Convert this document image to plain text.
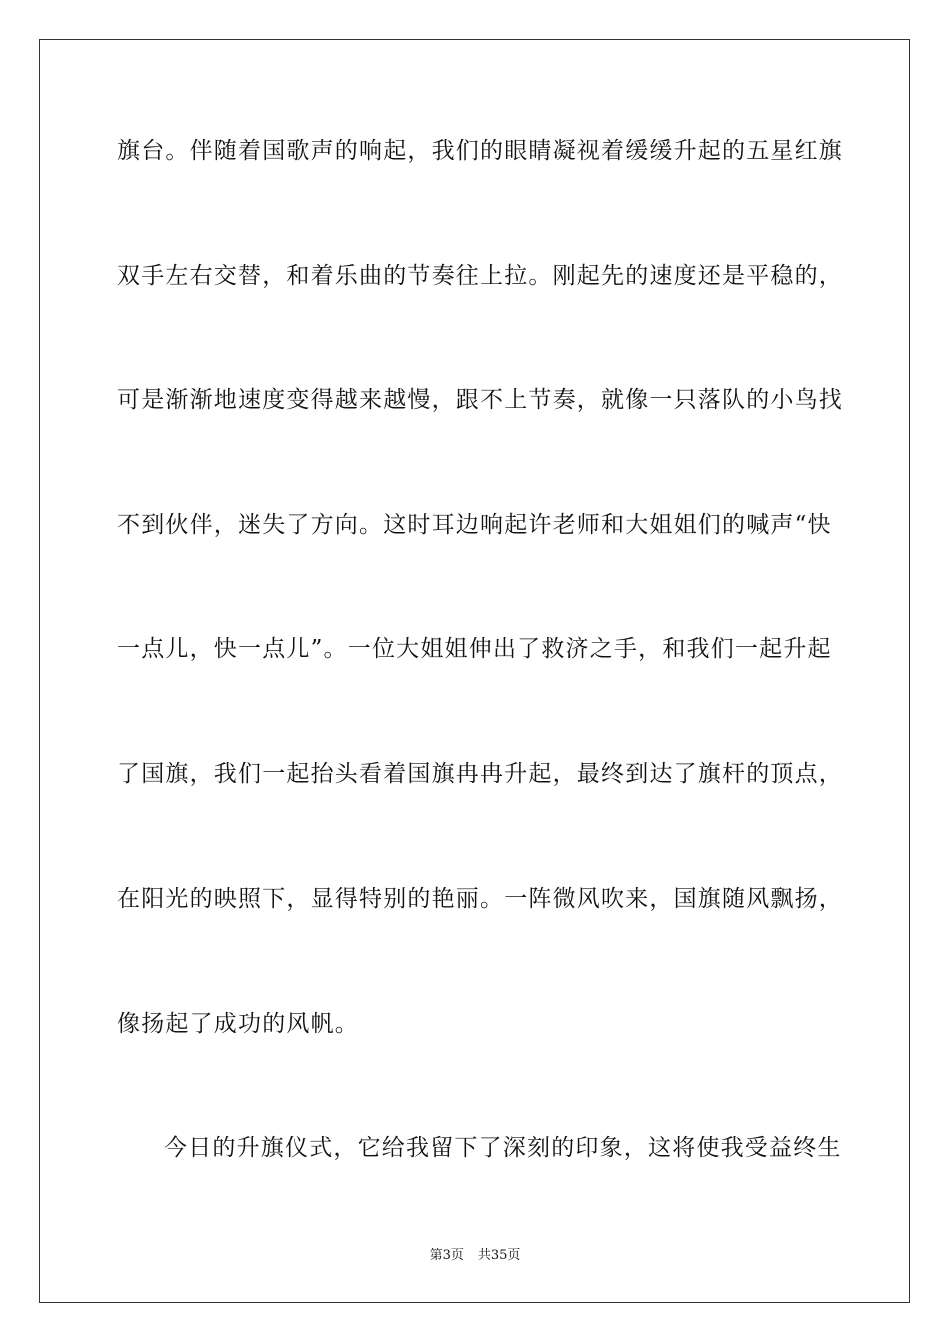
旗台。伴随着国歌声的响起，我们的眼睛凝视着缓缓升起的五星红旗
双手左右交替，和着乐曲的节奏往上拉。刚起先的速度还是平稳的，
可是渐渐地速度变得越来越慢，跟不上节奏，就像一只落队的小鸟找
不到伙伴，迷失了方向。这时耳边响起许老师和大姐姐们的喊声“快
一点儿，快一点儿”。一位大姐姐伸出了救济之手，和我们一起升起
了国旗，我们一起抬头看着国旗冉冉升起，最终到达了旗杆的顶点，
在阳光的映照下，显得特别的艳丽。一阵微风吹来，国旗随风飘扬，
像扬起了成功的风帆。
今日的升旗仪式，它给我留下了深刻的印象，这将使我受益终生
第3页 共35页
